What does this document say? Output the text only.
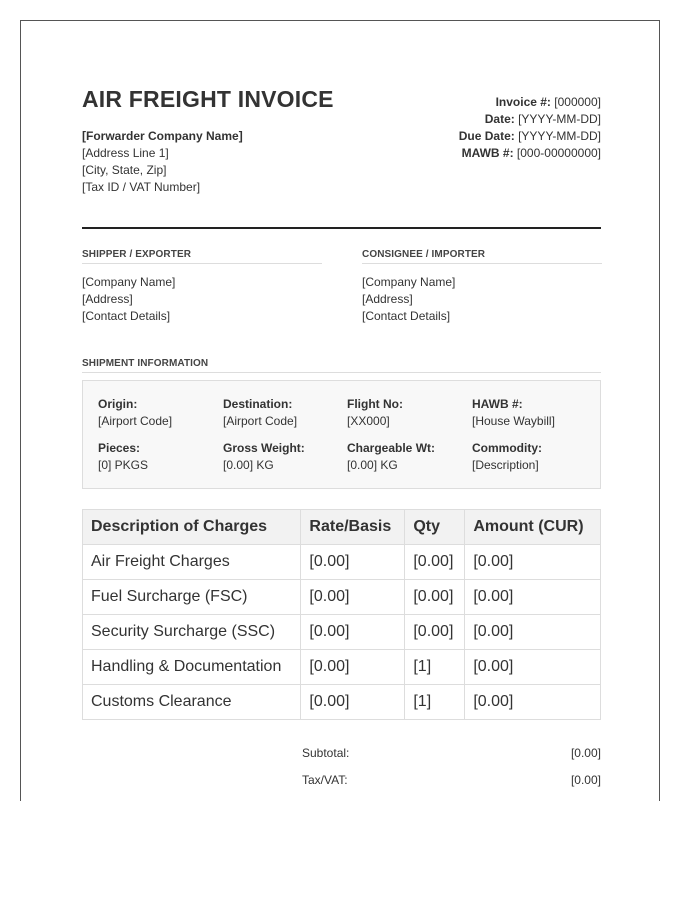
AIR FREIGHT INVOICE
[Forwarder Company Name]
[Address Line 1]
[City, State, Zip]
[Tax ID / VAT Number]
Invoice #: [000000]
Date: [YYYY-MM-DD]
Due Date: [YYYY-MM-DD]
MAWB #: [000-00000000]
SHIPPER / EXPORTER
[Company Name]
[Address]
[Contact Details]
CONSIGNEE / IMPORTER
[Company Name]
[Address]
[Contact Details]
SHIPMENT INFORMATION
Origin:
[Airport Code]
Destination:
[Airport Code]
Flight No:
[XX000]
HAWB #:
[House Waybill]
Pieces:
[0] PKGS
Gross Weight:
[0.00] KG
Chargeable Wt:
[0.00] KG
Commodity:
[Description]
Description of Charges	Rate/Basis	Qty	Amount (CUR)
Air Freight Charges	[0.00]	[0.00]	[0.00]
Fuel Surcharge (FSC)	[0.00]	[0.00]	[0.00]
Security Surcharge (SSC)	[0.00]	[0.00]	[0.00]
Handling & Documentation	[0.00]	[1]	[0.00]
Customs Clearance	[0.00]	[1]	[0.00]
Subtotal:	[0.00]
Tax/VAT:	[0.00]
